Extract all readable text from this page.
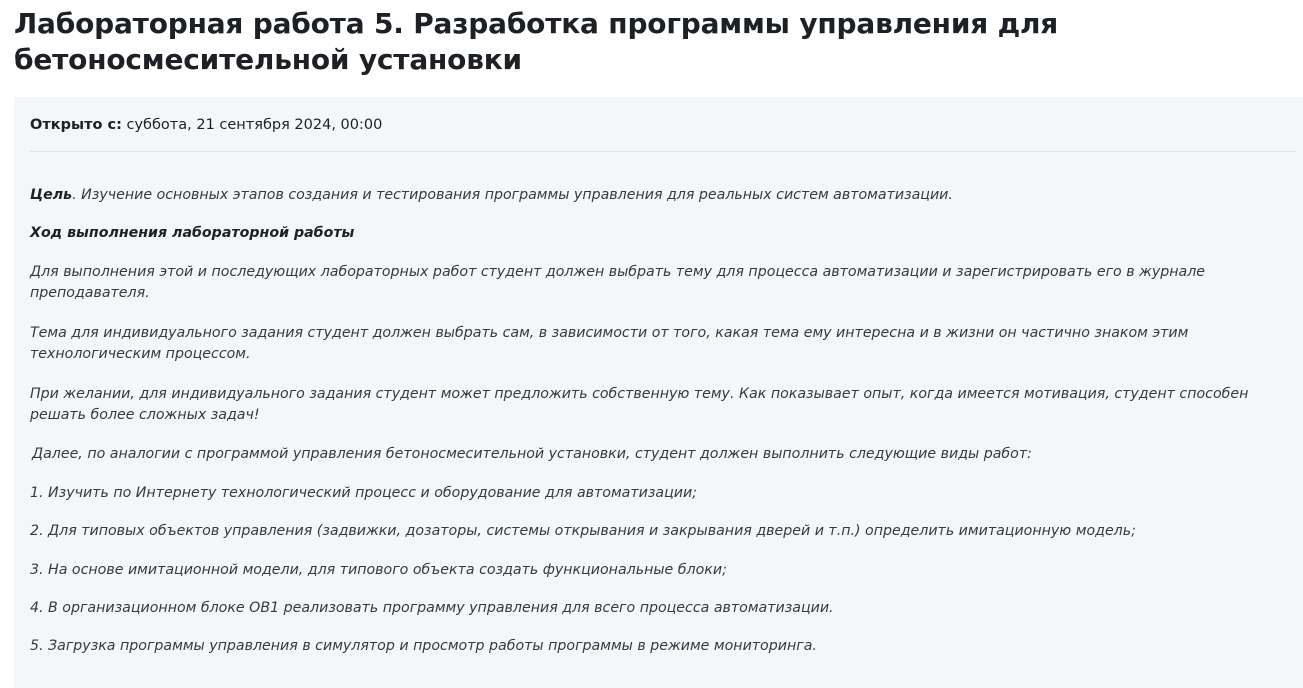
Лабораторная работа 5. Разработка программы управления для бетоносмесительной установки
Открыто с: суббота, 21 сентября 2024, 00:00

Цель. Изучение основных этапов создания и тестирования программы управления для реальных систем автоматизации.

Ход выполнения лабораторной работы

Для выполнения этой и последующих лабораторных работ студент должен выбрать тему для процесса автоматизации и зарегистрировать его в журнале преподавателя.

Тема для индивидуального задания студент должен выбрать сам, в зависимости от того, какая тема ему интересна и в жизни он частично знаком этим технологическим процессом.

При желании, для индивидуального задания студент может предложить собственную тему. Как показывает опыт, когда имеется мотивация, студент способен решать более сложных задач!

Далее, по аналогии с программой управления бетоносмесительной установки, студент должен выполнить следующие виды работ:

1. Изучить по Интернету технологический процесс и оборудование для автоматизации;

2. Для типовых объектов управления (задвижки, дозаторы, системы открывания и закрывания дверей и т.п.) определить имитационную модель;

3. На основе имитационной модели, для типового объекта создать функциональные блоки;

4. В организационном блоке OB1 реализовать программу управления для всего процесса автоматизации.

5. Загрузка программы управления в симулятор и просмотр работы программы в режиме мониторинга.
